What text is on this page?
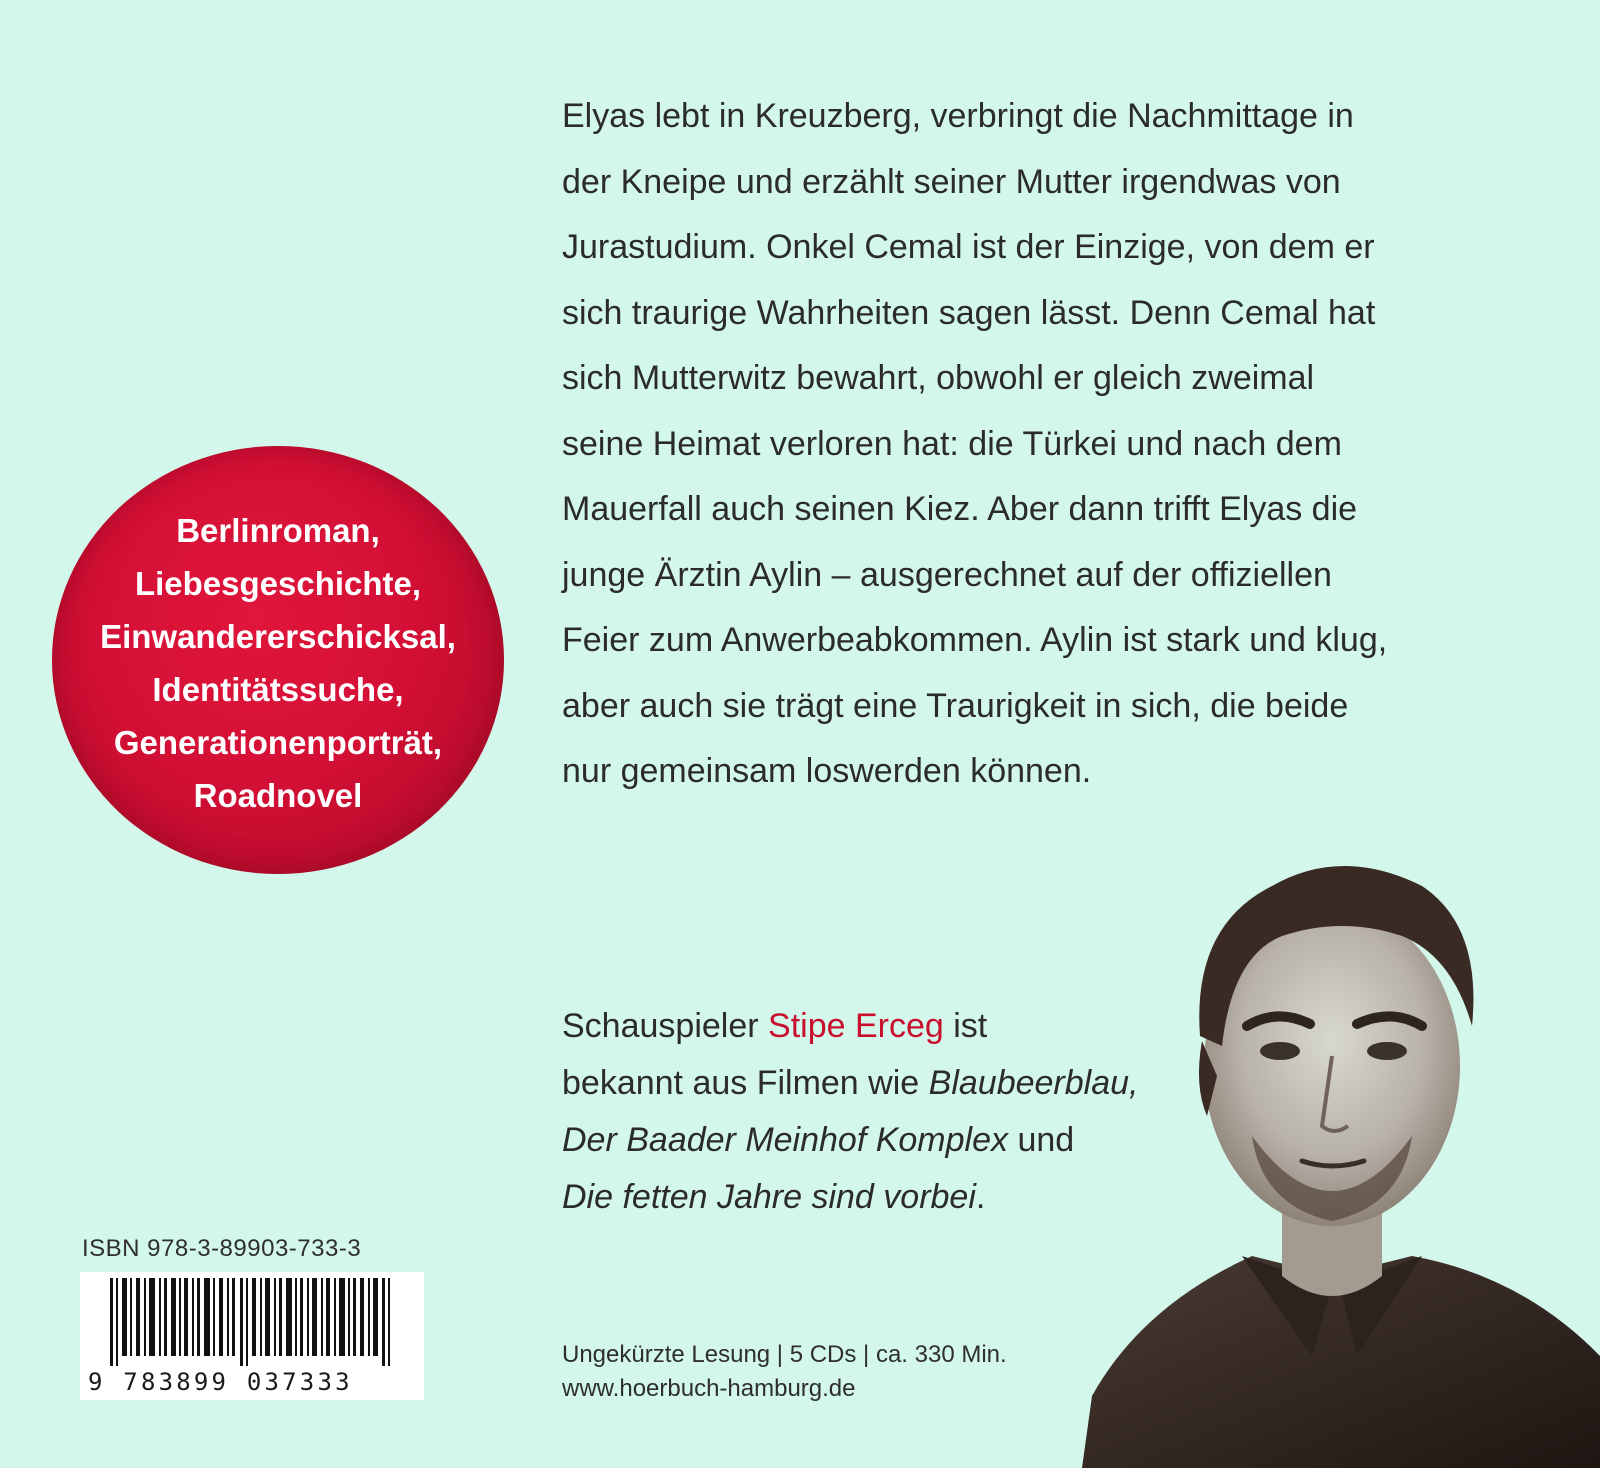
Elyas lebt in Kreuzberg, verbringt die Nachmittage in
der Kneipe und erzählt seiner Mutter irgendwas von
Jurastudium. Onkel Cemal ist der Einzige, von dem er
sich traurige Wahrheiten sagen lässt. Denn Cemal hat
sich Mutterwitz bewahrt, obwohl er gleich zweimal
seine Heimat verloren hat: die Türkei und nach dem
Mauerfall auch seinen Kiez. Aber dann trifft Elyas die
junge Ärztin Aylin – ausgerechnet auf der offiziellen
Feier zum Anwerbeabkommen. Aylin ist stark und klug,
aber auch sie trägt eine Traurigkeit in sich, die beide
nur gemeinsam loswerden können.
Berlinroman,
Liebesgeschichte,
Einwandererschicksal,
Identitätssuche,
Generationenporträt,
Roadnovel
Schauspieler Stipe Erceg ist
bekannt aus Filmen wie Blaubeerblau,
Der Baader Meinhof Komplex und
Die fetten Jahre sind vorbei.
Ungekürzte Lesung | 5 CDs | ca. 330 Min.
www.hoerbuch-hamburg.de
ISBN 978-3-89903-733-3
9 783899 037333
